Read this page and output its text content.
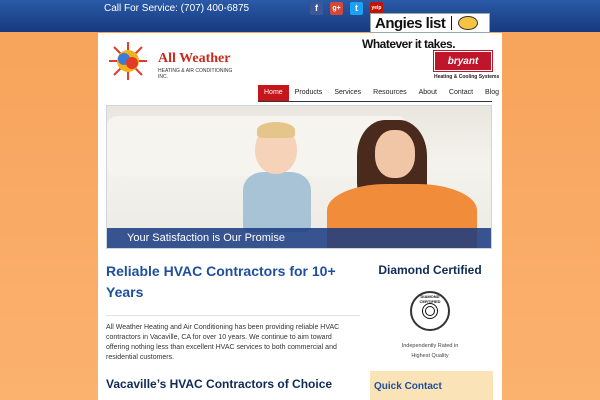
Call For Service: (707) 400-6875	f	g+	t	yelp
Angies list
All Weather
HEATING & AIR CONDITIONING INC.
Whatever it takes.
bryant
Heating & Cooling Systems
Home	Products	Services	Resources	About	Contact	Blog
Your Satisfaction is Our Promise
Reliable HVAC Contractors for 10+ Years

All Weather Heating and Air Conditioning has been providing reliable HVAC contractors in Vacaville, CA for over 10 years. We continue to aim toward offering nothing less than excellent HVAC services to both commercial and residential customers.

Vacaville’s HVAC Contractors of Choice
Diamond Certified
DIAMOND CERTIFIED
Independently Rated in
Highest Quality
Quick Contact
